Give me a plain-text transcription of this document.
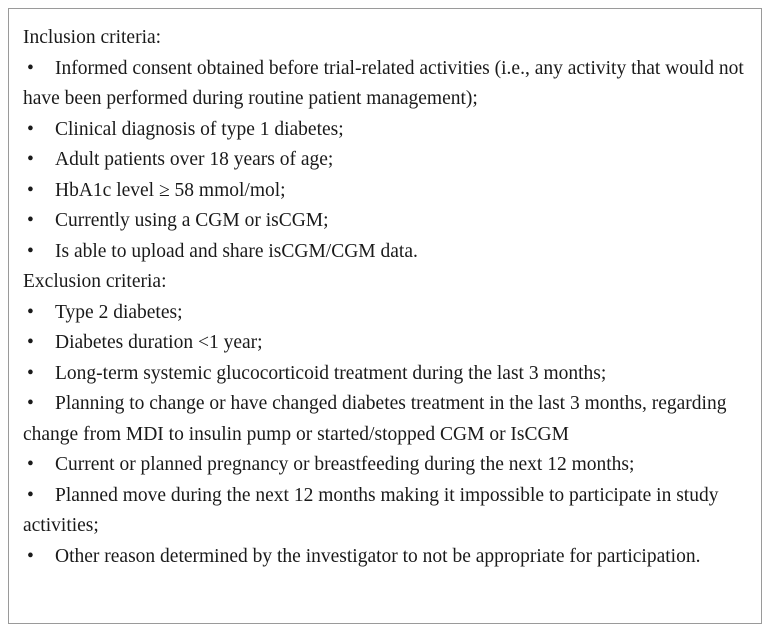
Inclusion criteria:
• Informed consent obtained before trial-related activities (i.e., any activity that would not have been performed during routine patient management);
• Clinical diagnosis of type 1 diabetes;
• Adult patients over 18 years of age;
• HbA1c level ≥ 58 mmol/mol;
• Currently using a CGM or isCGM;
• Is able to upload and share isCGM/CGM data.
Exclusion criteria:
• Type 2 diabetes;
• Diabetes duration <1 year;
• Long-term systemic glucocorticoid treatment during the last 3 months;
• Planning to change or have changed diabetes treatment in the last 3 months, regarding change from MDI to insulin pump or started/stopped CGM or IsCGM
• Current or planned pregnancy or breastfeeding during the next 12 months;
• Planned move during the next 12 months making it impossible to participate in study activities;
• Other reason determined by the investigator to not be appropriate for participation.
